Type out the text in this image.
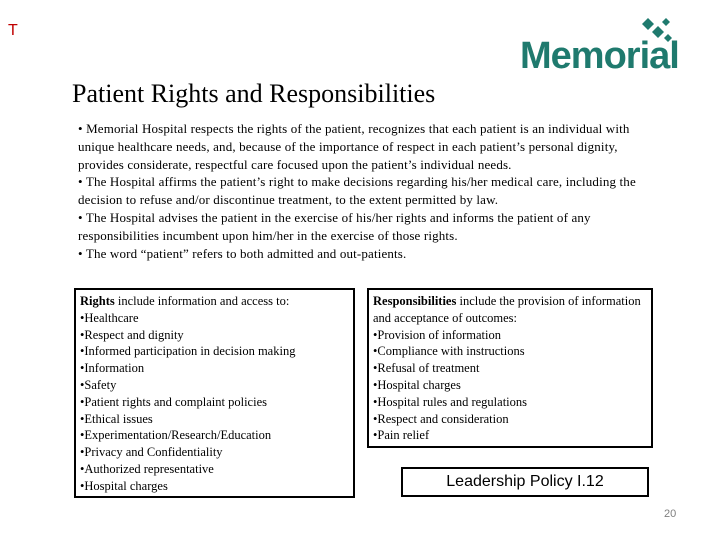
T
Memorial
Patient Rights and Responsibilities

• Memorial Hospital respects the rights of the patient, recognizes that each patient is an individual with unique healthcare needs, and, because of the importance of respect in each patient’s personal dignity, provides considerate, respectful care focused upon the patient’s individual needs.

• The Hospital affirms the patient’s right to make decisions regarding his/her medical care, including the decision to refuse and/or discontinue treatment, to the extent permitted by law.

• The Hospital advises the patient in the exercise of his/her rights and informs the patient of any responsibilities incumbent upon him/her in the exercise of those rights.

• The word “patient” refers to both admitted and out-patients.

Rights include information and access to:
• Healthcare
• Respect and dignity
• Informed participation in decision making
• Information
• Safety
• Patient rights and complaint policies
• Ethical issues
• Experimentation/Research/Education
• Privacy and Confidentiality
• Authorized representative
• Hospital charges
Responsibilities include the provision of information and acceptance of outcomes:
• Provision of information
• Compliance with instructions
• Refusal of treatment
• Hospital charges
• Hospital rules and regulations
• Respect and consideration
• Pain relief
Leadership Policy I.12
20
